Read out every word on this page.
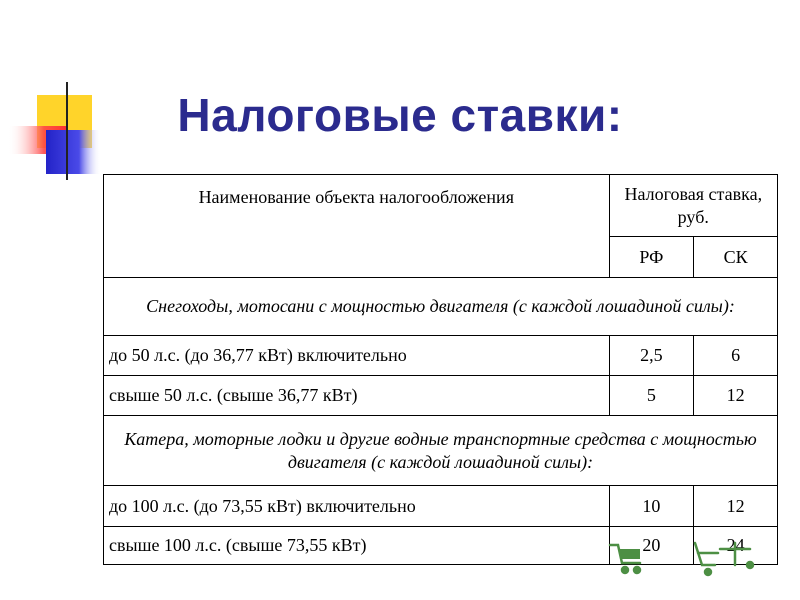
Налоговые ставки:
Наименование объекта налогообложения	Налоговая ставка, руб.	
	РФ	СК
Снегоходы, мотосани с мощностью двигателя (с каждой лошадиной силы):		
до 50 л.с. (до 36,77 кВт) включительно	2,5	6
свыше 50 л.с. (свыше 36,77 кВт)	5	12
Катера, моторные лодки и другие водные транспортные средства с мощностью двигателя (с каждой лошадиной силы):		
до 100 л.с. (до 73,55 кВт) включительно	10	12
свыше 100 л.с. (свыше 73,55 кВт)	20	24
